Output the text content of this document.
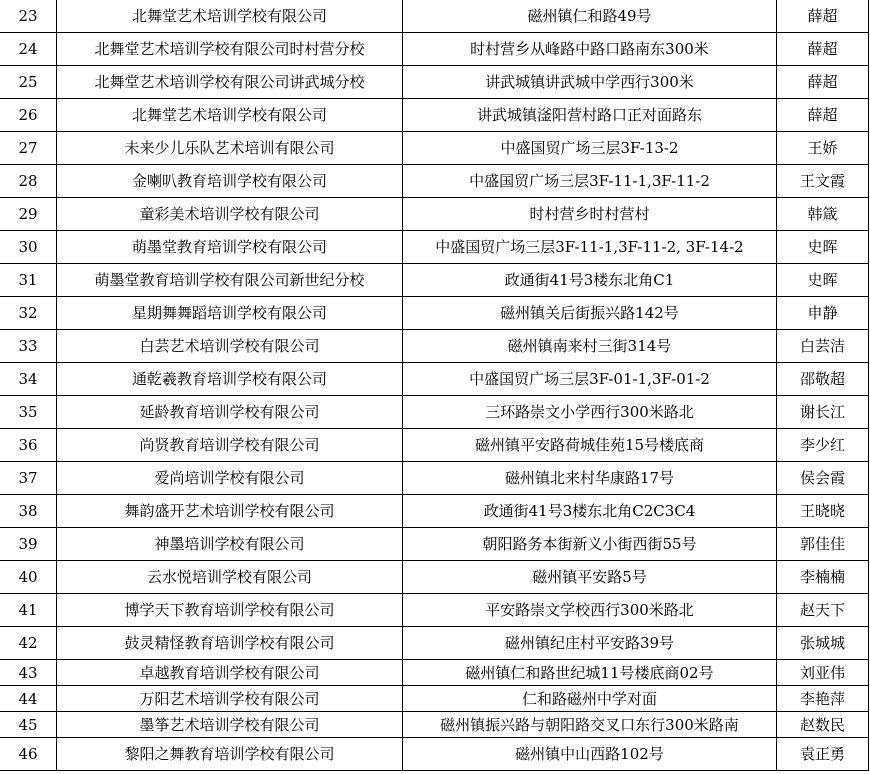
23	北舞堂艺术培训学校有限公司	磁州镇仁和路49号	薛超
24	北舞堂艺术培训学校有限公司时村营分校	时村营乡从峰路中路口路南东300米	薛超
25	北舞堂艺术培训学校有限公司讲武城分校	讲武城镇讲武城中学西行300米	薛超
26	北舞堂艺术培训学校有限公司	讲武城镇滏阳营村路口正对面路东	薛超
27	未来少儿乐队艺术培训有限公司	中盛国贸广场三层3F-13-2	王娇
28	金喇叭教育培训学校有限公司	中盛国贸广场三层3F-11-1,3F-11-2	王文霞
29	童彩美术培训学校有限公司	时村营乡时村营村	韩箴
30	萌墨堂教育培训学校有限公司	中盛国贸广场三层3F-11-1,3F-11-2, 3F-14-2	史晖
31	萌墨堂教育培训学校有限公司新世纪分校	政通街41号3楼东北角C1	史晖
32	星期舞舞蹈培训学校有限公司	磁州镇关后街振兴路142号	申静
33	白芸艺术培训学校有限公司	磁州镇南来村三街314号	白芸洁
34	通乾羲教育培训学校有限公司	中盛国贸广场三层3F-01-1,3F-01-2	邵敬超
35	延龄教育培训学校有限公司	三环路崇文小学西行300米路北	谢长江
36	尚贤教育培训学校有限公司	磁州镇平安路荷城佳苑15号楼底商	李少红
37	爱尚培训学校有限公司	磁州镇北来村华康路17号	侯会霞
38	舞韵盛开艺术培训学校有限公司	政通街41号3楼东北角C2C3C4	王晓晓
39	神墨培训学校有限公司	朝阳路务本街新义小街西街55号	郭佳佳
40	云水悦培训学校有限公司	磁州镇平安路5号	李楠楠
41	博学天下教育培训学校有限公司	平安路崇文学校西行300米路北	赵天下
42	鼓灵精怪教育培训学校有限公司	磁州镇纪庄村平安路39号	张城城
43	卓越教育培训学校有限公司	磁州镇仁和路世纪城11号楼底商02号	刘亚伟
44	万阳艺术培训学校有限公司	仁和路磁州中学对面	李艳萍
45	墨筝艺术培训学校有限公司	磁州镇振兴路与朝阳路交叉口东行300米路南	赵数民
46	黎阳之舞教育培训学校有限公司	磁州镇中山西路102号	袁正勇
